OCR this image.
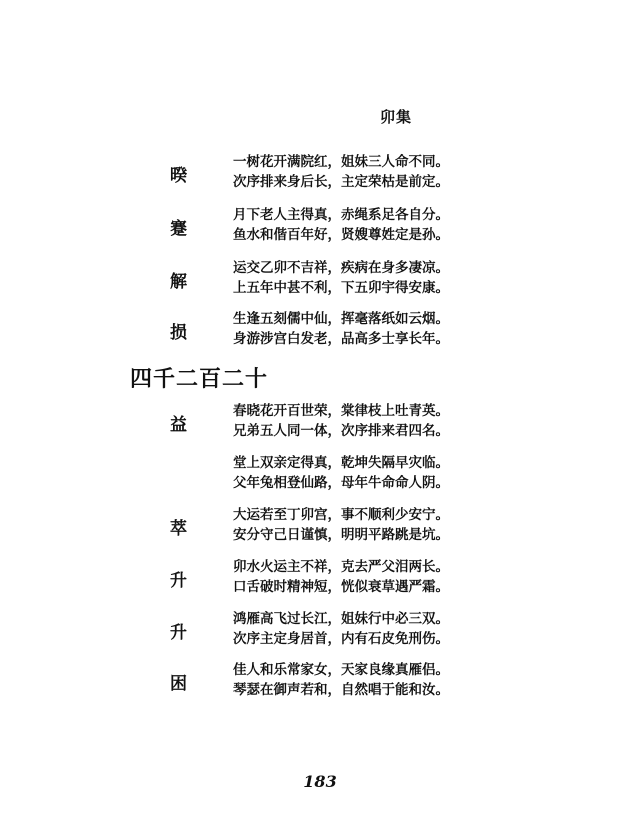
卯集
暌
一树花开满院红，姐妹三人命不同。
次序排来身后长，主定荣枯是前定。
蹇
月下老人主得真，赤绳系足各自分。
鱼水和偕百年好，贤嫂尊姓定是孙。
解
运交乙卯不吉祥，疾病在身多凄凉。
上五年中甚不利，下五卯宇得安康。
损
生逢五刻儒中仙，挥毫落纸如云烟。
身游涉宫白发老，品高多士享长年。
四千二百二十
益
春晓花开百世荣，棠律枝上吐青英。
兄弟五人同一体，次序排来君四名。
堂上双亲定得真，乾坤失隔早灾临。
父年兔相登仙路，母年牛命命人阴。
萃
大运若至丁卯宫，事不顺利少安宁。
安分守己日谨慎，明明平路跳是坑。
升
卯水火运主不祥，克去严父泪两长。
口舌破时精神短，恍似衰草遇严霜。
升
鸿雁高飞过长江，姐妹行中必三双。
次序主定身居首，内有石皮免刑伤。
困
佳人和乐常家女，天家良缘真雁侣。
琴瑟在御声若和，自然唱于能和汝。
183
